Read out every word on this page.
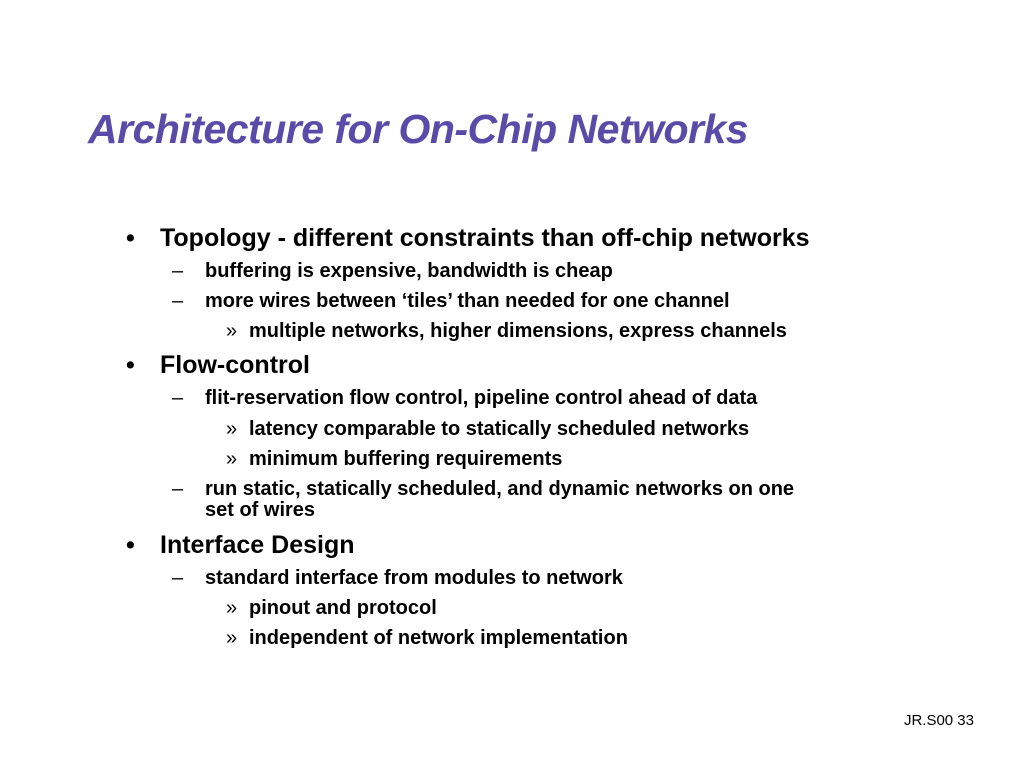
Architecture for On-Chip Networks
• Topology - different constraints than off-chip networks
– buffering is expensive, bandwidth is cheap
– more wires between ‘tiles’ than needed for one channel
» multiple networks, higher dimensions, express channels
• Flow-control
– flit-reservation flow control, pipeline control ahead of data
» latency comparable to statically scheduled networks
» minimum buffering requirements
– run static, statically scheduled, and dynamic networks on one
set of wires
• Interface Design
– standard interface from modules to network
» pinout and protocol
» independent of network implementation
JR.S00 33
